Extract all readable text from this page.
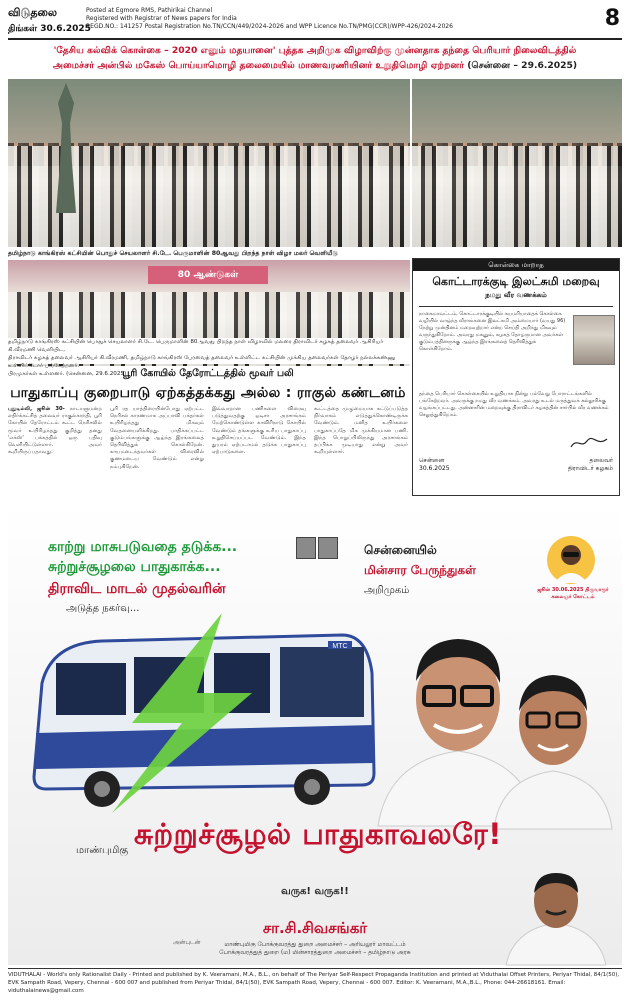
விடுதலை
திங்கள் 30.6.2025
Posted at Egmore RMS, Pathirikai Channel
Registered with Registrar of News papers for India
REGD.NO.: 141257 Postal Registration No.TN/CCN/449/2024-2026 and WPP Licence No.TN/PMG(CCR)/WPP-426/2024-2026	8
'தேசிய கல்விக் கொள்கை – 2020 எனும் மதயானை' புத்தக அறிமுக விழாவிற்கு முன்னதாக தந்தை பெரியார் நிலைவிடத்தில்
அமைச்சர் அன்பில் மகேஸ் பொய்யாமொழி தலைமையில் மாணவரணியினர் உறுதிமொழி ஏற்றனர் (சென்னை – 29.6.2025)
தமிழ்நாடு காங்கிரஸ் கட்சியின் பொதுச் செயலாளர் சி.டே. பெருமாளின் 80ஆவது பிறந்த நாள் விழா மலர் வெளியீடு
80 ஆண்டுகள்
தமிழ்நாடு காங்கிரஸ் கட்சியின் பொதுச் செயலாளர் சி.டே. பெருமாளின் 80ஆவது பிறந்த நாள் விழாவில் மலரை திராவிடர் கழகத் தலைவர் ஆசிரியர் கி.வீரமணி வெளியிட,
திராவிடர் கழகத் தலைவர் ஆசிரியர் கி.வீரமணி, தமிழ்நாடு காங்கிரஸ் பேரவைத் தலைவர் உள்ளிட்ட கட்சியின் முக்கிய தலைவர்கள் தோழர் நல்லக்கண்ணு உள்ளிட்டோர் பங்கேற்றனர்.
பிரமுகர்கள் உள்ளனர். (சென்னை, 29.6.2025)
பூரி கோயில் தேரோட்டத்தில் மூவர் பலி
பாதுகாப்பு குறைபாடு ஏற்கத்தக்கது அல்ல : ராகுல் கண்டனம்
புதுடில்லி, ஜூன் 30- நாடாளுமன்ற எதிர்க்கட்சித் தலைவர் ராகுல்காந்தி, பூரி கோயில் தேரோட்டம் கூட்ட நெரிசலில் மூவர் உயிரிழந்தது குறித்து தனது 'எக்ஸ்' பக்கத்தில் ஒரு பதிவு வெளியிட்டுள்ளார். அவர் கூறியிருப்பதாவது:
பூரி ரத யாத்திரையின்போது ஏற்பட்ட நெரிசல் காரணமாக அப்பாவி பக்தர்கள் உயிரிழந்தது மிகவும் வேதனையளிக்கிறது. பாதிக்கப்பட்ட குடும்பங்களுக்கு ஆழ்ந்த இரங்கலைத் தெரிவித்துக் கொள்கிறேன். காயமடைந்தவர்கள் விரைவில் குணமடைய வேண்டும் என்று நம்புகிறேன்.
இவ்வாறான பணிகளை விரைவு படுத்துவதற்கு ஒடிசா அரசாங்கம் மேற்கொண்டுள்ள காவிரிநாடு கோயில் வேண்டும் தங்களுக்கு உரிய பாதுகாப்பு உறுதிசெய்யப்பட வேண்டும். இந்த துயரம் ஏற்படாமல் தடுக்க பாதுகாப்பு ஏற்பாடுகளை.
கூட்டத்தை முழுமையாக கட்டுப்படுத்த நிர்வாகம் எடுத்துக்கொண்டிருக்க வேண்டும். மனித உயிர்களை பாதுகாப்பதே மிக முக்கியமான பணி. இந்த பொறுப்பிலிருந்து அரசாங்கம் தப்பிக்க முடியாது என்று அவர் கூறியுள்ளார்.
கொள்கை மாறாத
கொட்டாரக்குடி இலட்சுமி மறைவு
நமது வீர வணக்கம்
நாகைமாவட்டம், கொட்டாரக்குடியில் சுயமரியாதைக் கொள்கை வழியில் வாழ்ந்த வீராங்கனை இலட்சுமி அம்மையார் (வயது 96) நேற்று முன்தினம் மறைவுற்றார் என்ற செய்தி அறிந்து மிகவும் வருந்துகிறோம். அவரது மகனும், கழகத் தோழருமான அவர்கள் குடும்பத்தினருக்கு ஆழ்ந்த இரங்கலைத் தெரிவித்துக் கொள்கிறோம்.
தந்தை பெரியார் கொள்கையில் உறுதியாக நின்று பல்வேறு போராட்டங்களில் பங்கேற்றவர். அவருக்கு நமது வீர வணக்கம். அவரது உடல் மருத்துவக் கல்லூரிக்கு வழங்கப்பட்டது. அன்னாரின் மறைவுக்கு திராவிடர் கழகத்தின் சார்பில் வீர வணக்கம் செலுத்துகிறோம்.
சென்னை
30.6.2025
தலைவர்
திராவிடர் கழகம்
காற்று மாசுபடுவதை தடுக்க...
சுற்றுச்சூழலை பாதுகாக்க...
திராவிட மாடல் முதல்வரின்
அடுத்த நகர்வு...
சென்னையில்
மின்சார பேருந்துகள்
அறிமுகம்	ஜூன் 30.06.2025 திருவாரூர் கலைஞர் கோட்டம்
MTC
மாண்புமிகு சுற்றுச்சூழல் பாதுகாவலரே!
வருக! வருக!!
அன்புடன்
சா.சி.சிவசங்கர்
மாண்புமிகு போக்குவரத்து துறை அமைச்சர் – அரியலூர் மாவட்டம்
போக்குவரத்துத் துறை (ம) மின்சாரத்துறை அமைச்சர் – தமிழ்நாடு அரசு
VIDUTHALAI - World's only Rationalist Daily - Printed and published by K. Veeramani, M.A., B.L., on behalf of The Periyar Self-Respect Propaganda Institution and printed at Viduthalai Offset Printers, Periyar Thidal, 84/1(50), EVK Sampath Road, Vepery, Chennai - 600 007 and published from Periyar Thidal, 84/1(50), EVK Sampath Road, Vepery, Chennai - 600 007. Editor: K. Veeramani, M.A.,B.L., Phone: 044-26618161. Email: viduthalainews@gmail.com
